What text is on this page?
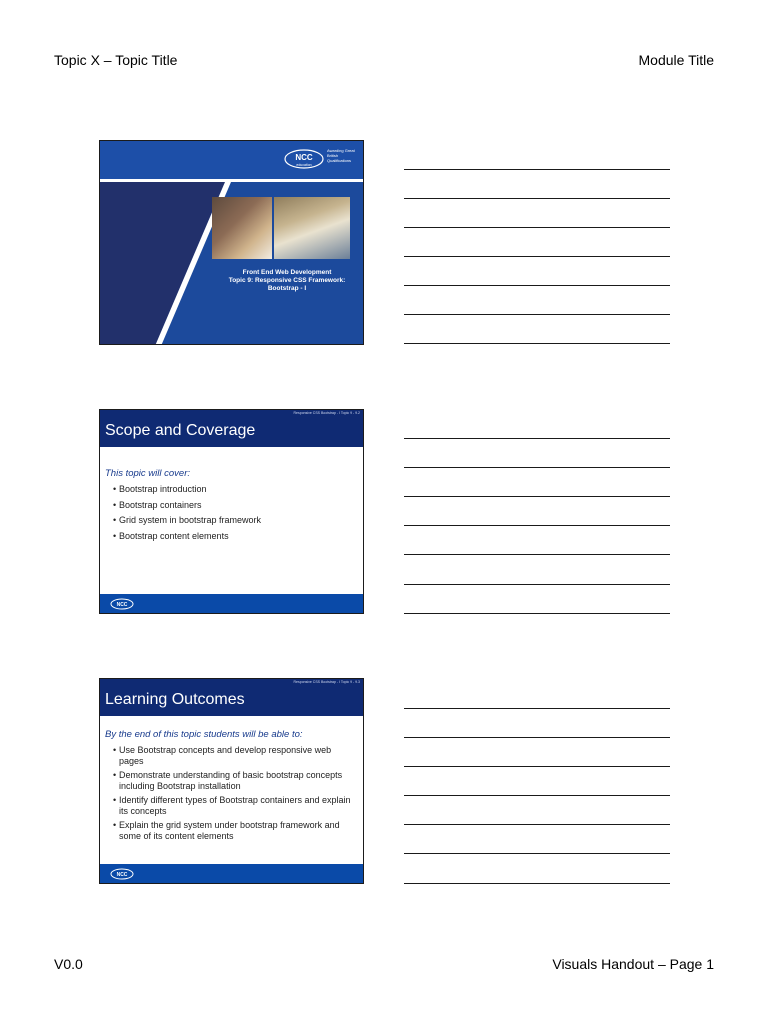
Topic X – Topic Title	Module Title
NCC
education
Awarding Great British Qualifications
Front End Web Development
Topic 9: Responsive CSS Framework:
Bootstrap - I
Responsive CSS Bootstrap - I Topic 9 - 9.2
Scope and Coverage
This topic will cover:
• Bootstrap introduction
• Bootstrap containers
• Grid system in bootstrap framework
• Bootstrap content elements
NCC
Responsive CSS Bootstrap - I Topic 9 - 9.3
Learning Outcomes
By the end of this topic students will be able to:
• Use Bootstrap concepts and develop responsive web pages
• Demonstrate understanding of basic bootstrap concepts including Bootstrap installation
• Identify different types of Bootstrap containers and explain its concepts
• Explain the grid system under bootstrap framework and some of its content elements
NCC
V0.0	Visuals Handout – Page 1
